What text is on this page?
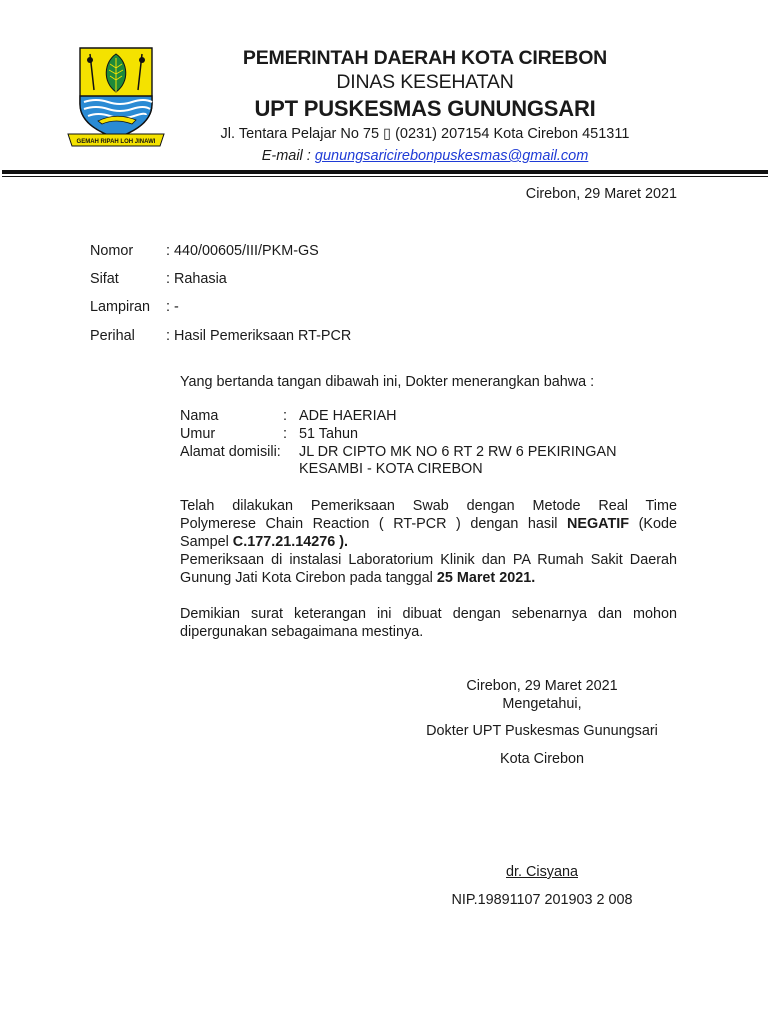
GEMAH RIPAH LOH JINAWI
PEMERINTAH DAERAH KOTA CIREBON
DINAS KESEHATAN
UPT PUSKESMAS GUNUNGSARI
Jl. Tentara Pelajar No 75 ▯ (0231) 207154 Kota Cirebon 451311
E-mail : gunungsaricirebonpuskesmas@gmail.com
Cirebon, 29 Maret 2021
Nomor : 440/00605/III/PKM-GS
Sifat	: Rahasia
Lampiran : -
Perihal : Hasil Pemeriksaan RT-PCR
Yang bertanda tangan dibawah ini, Dokter menerangkan bahwa :
Nama	: ADE HAERIAH
Umur	: 51 Tahun
Alamat domisili: JL DR CIPTO MK NO 6 RT 2 RW 6 PEKIRINGAN
KESAMBI - KOTA CIREBON
Telah dilakukan Pemeriksaan Swab dengan Metode Real Time
Polymerese Chain Reaction ( RT-PCR ) dengan hasil NEGATIF (Kode
Sampel C.177.21.14276 ).
Pemeriksaan di instalasi Laboratorium Klinik dan PA Rumah Sakit Daerah
Gunung Jati Kota Cirebon pada tanggal 25 Maret 2021.
Demikian surat keterangan ini dibuat dengan sebenarnya dan mohon
dipergunakan sebagaimana mestinya.
Cirebon, 29 Maret 2021
Mengetahui,
Dokter UPT Puskesmas Gunungsari
Kota Cirebon
dr. Cisyana
NIP.19891107 201903 2 008
